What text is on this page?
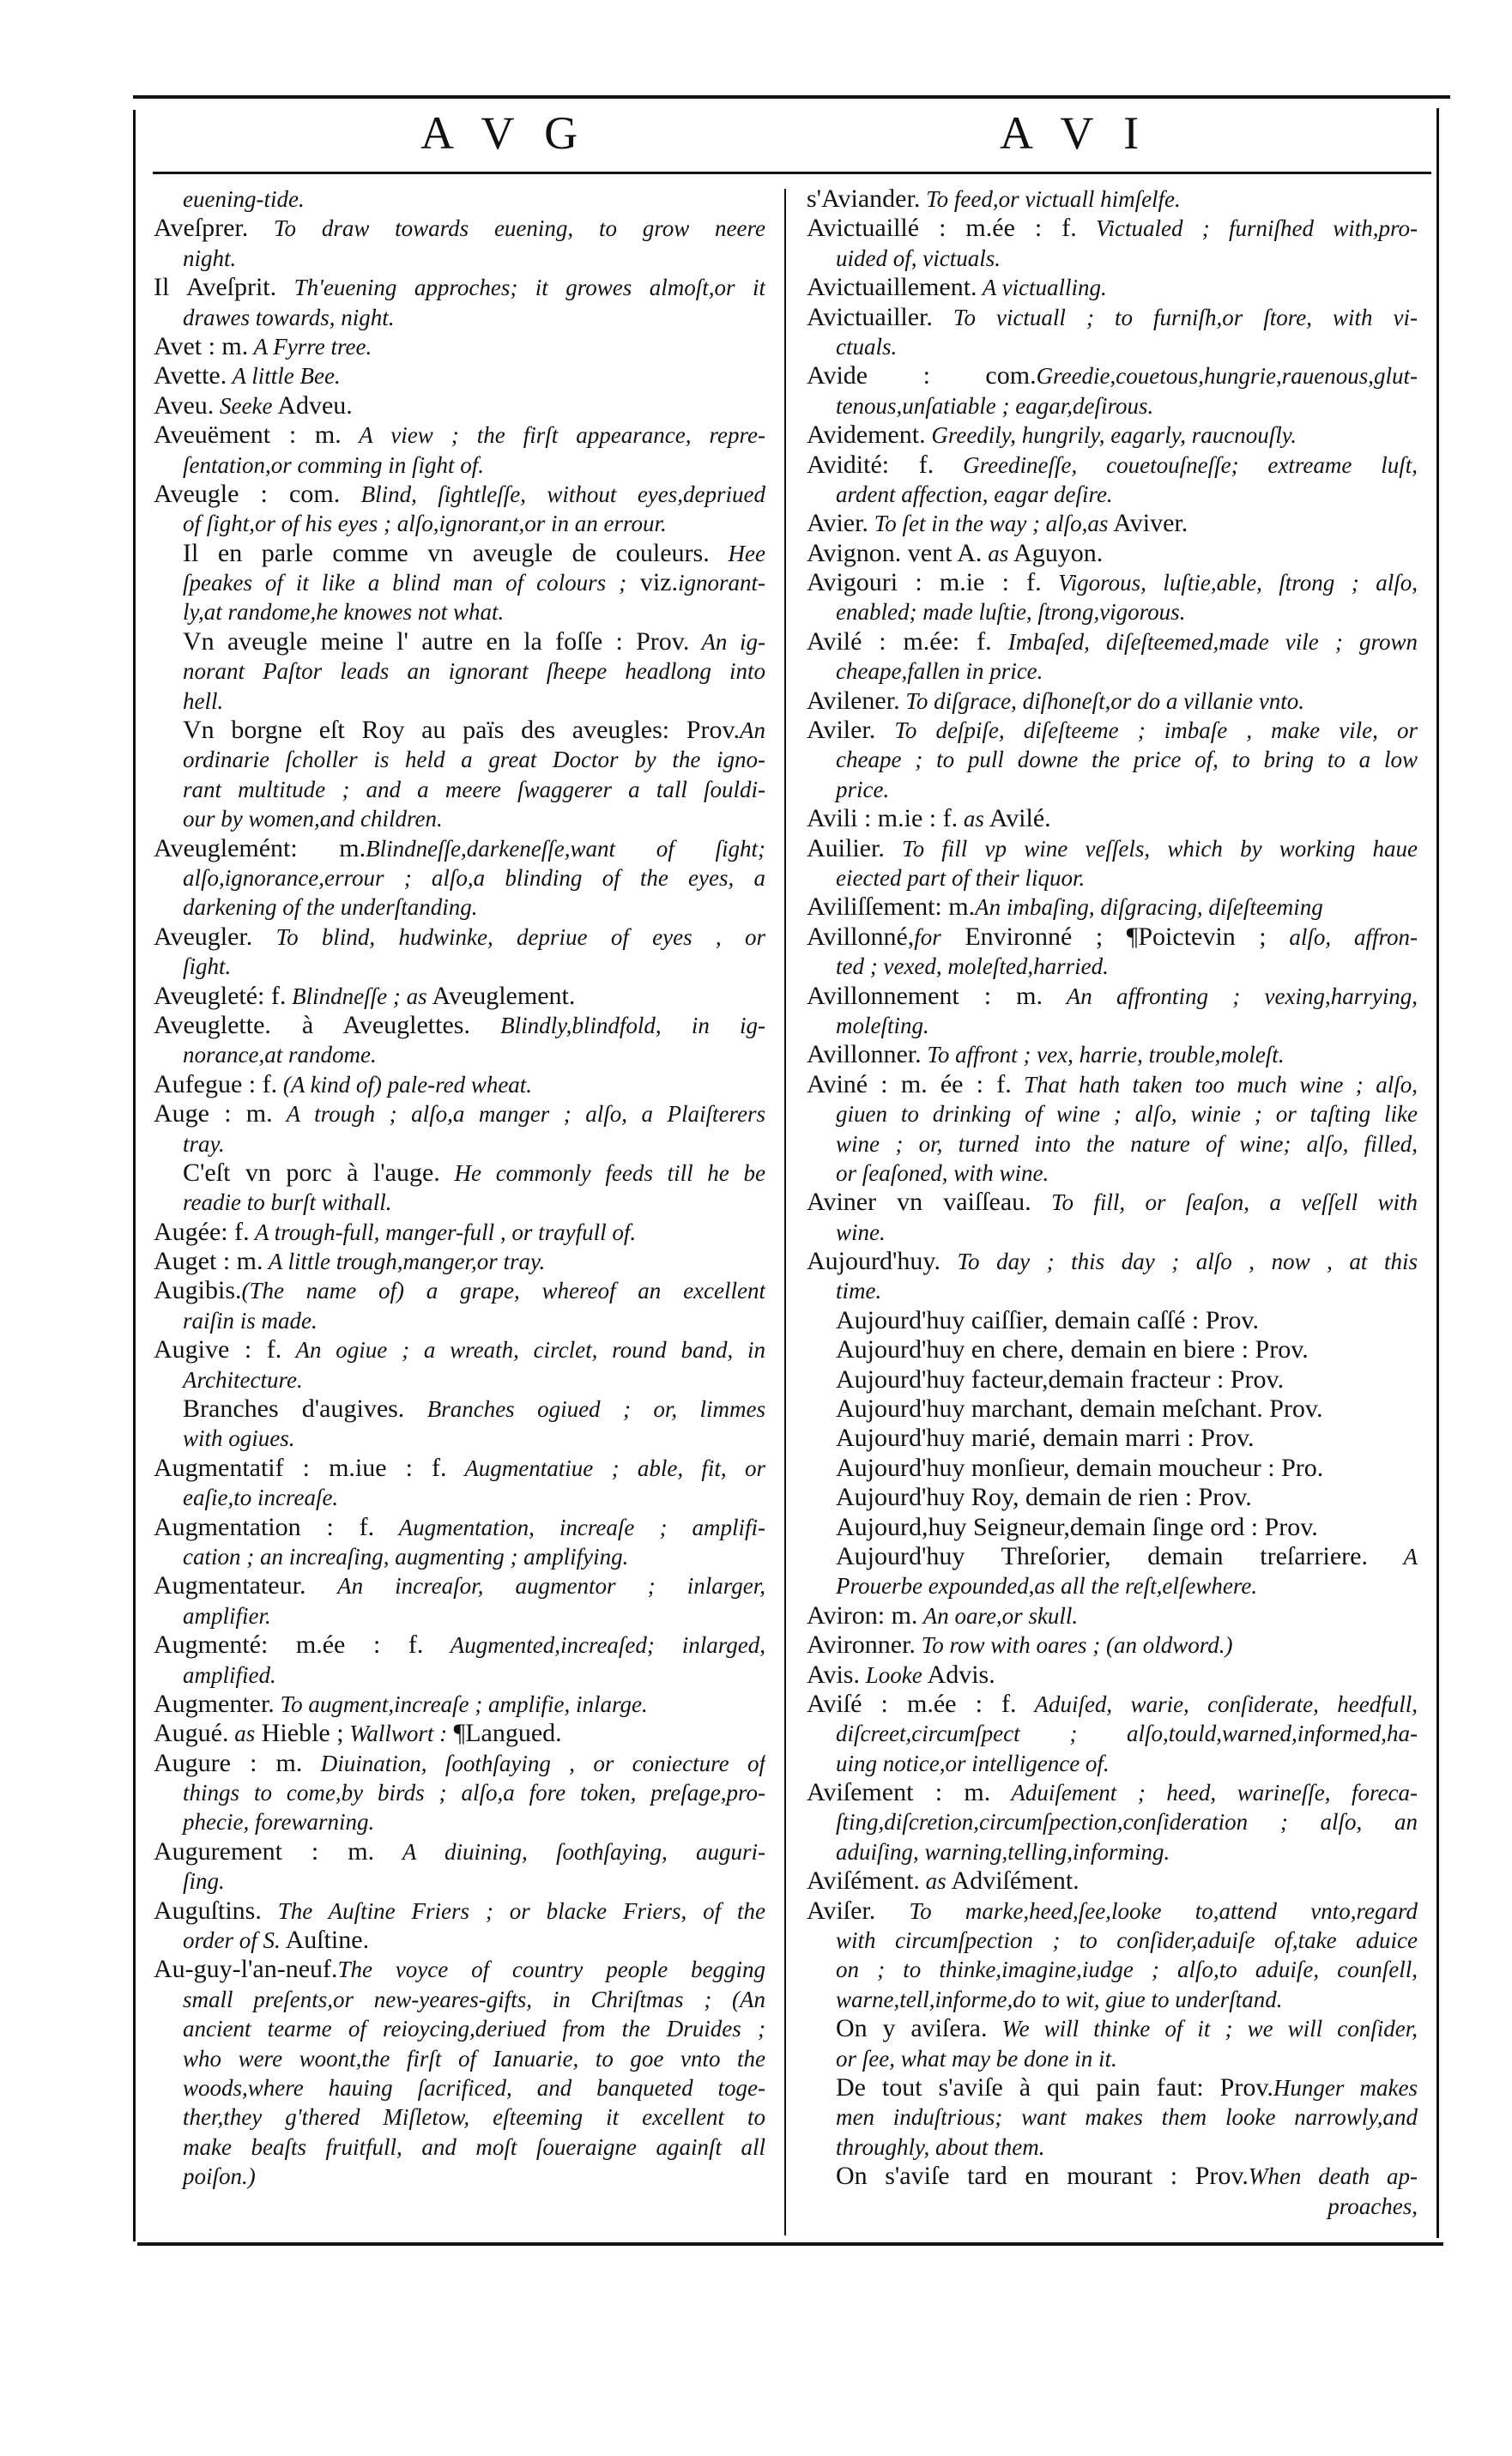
A V G	A V I
euening-tide.
Aveſprer. To draw towards euening, to grow neere
night.
Il Aveſprit. Th'euening approches; it growes almoſt,or it
drawes towards, night.
Avet : m. A Fyrre tree.
Avette. A little Bee.
Aveu. Seeke Adveu.
Aveuëment : m. A view ; the firſt appearance, repre-
ſentation,or comming in ſight of.
Aveugle : com. Blind, ſightleſſe, without eyes,depriued
of ſight,or of his eyes ; alſo,ignorant,or in an errour.
Il en parle comme vn aveugle de couleurs. Hee
ſpeakes of it like a blind man of colours ; viz.ignorant-
ly,at randome,he knowes not what.
Vn aveugle meine l' autre en la foſſe : Prov. An ig-
norant Paſtor leads an ignorant ſheepe headlong into
hell.
Vn borgne eſt Roy au païs des aveugles: Prov.An
ordinarie ſcholler is held a great Doctor by the igno-
rant multitude ; and a meere ſwaggerer a tall ſouldi-
our by women,and children.
Aveuglemént: m.Blindneſſe,darkeneſſe,want of ſight;
alſo,ignorance,errour ; alſo,a blinding of the eyes, a
darkening of the underſtanding.
Aveugler. To blind, hudwinke, depriue of eyes , or
ſight.
Aveugleté: f. Blindneſſe ; as Aveuglement.
Aveuglette. à Aveuglettes. Blindly,blindfold, in ig-
norance,at randome.
Aufegue : f. (A kind of) pale-red wheat.
Auge : m. A trough ; alſo,a manger ; alſo, a Plaiſterers
tray.
C'eſt vn porc à l'auge. He commonly feeds till he be
readie to burſt withall.
Augée: f. A trough-full, manger-full , or trayfull of.
Auget : m. A little trough,manger,or tray.
Augibis.(The name of) a grape, whereof an excellent
raiſin is made.
Augive : f. An ogiue ; a wreath, circlet, round band, in
Architecture.
Branches d'augives. Branches ogiued ; or, limmes
with ogiues.
Augmentatif : m.iue : f. Augmentatiue ; able, fit, or
eaſie,to increaſe.
Augmentation : f. Augmentation, increaſe ; amplifi-
cation ; an increaſing, augmenting ; amplifying.
Augmentateur. An increaſor, augmentor ; inlarger,
amplifier.
Augmenté: m.ée : f. Augmented,increaſed; inlarged,
amplified.
Augmenter. To augment,increaſe ; amplifie, inlarge.
Augué. as Hieble ; Wallwort : ¶Langued.
Augure : m. Diuination, ſoothſaying , or coniecture of
things to come,by birds ; alſo,a fore token, preſage,pro-
phecie, forewarning.
Augurement : m. A diuining, ſoothſaying, auguri-
ſing.
Auguſtins. The Auſtine Friers ; or blacke Friers, of the
order of S. Auſtine.
Au-guy-l'an-neuf.The voyce of country people begging
small preſents,or new-yeares-gifts, in Chriſtmas ; (An
ancient tearme of reioycing,deriued from the Druides ;
who were woont,the firſt of Ianuarie, to goe vnto the
woods,where hauing ſacrificed, and banqueted toge-
ther,they g'thered Miſletow, eſteeming it excellent to
make beaſts fruitfull, and moſt ſoueraigne againſt all
poiſon.)
s'Aviander. To feed,or victuall himſelfe.
Avictuaillé : m.ée : f. Victualed ; furniſhed with,pro-
uided of, victuals.
Avictuaillement. A victualling.
Avictuailler. To victuall ; to furniſh,or ſtore, with vi-
ctuals.
Avide : com.Greedie,couetous,hungrie,rauenous,glut-
tenous,unſatiable ; eagar,deſirous.
Avidement. Greedily, hungrily, eagarly, raucnouſly.
Avidité: f. Greedineſſe, couetouſneſſe; extreame luſt,
ardent affection, eagar deſire.
Avier. To ſet in the way ; alſo,as Aviver.
Avignon. vent A. as Aguyon.
Avigouri : m.ie : f. Vigorous, luſtie,able, ſtrong ; alſo,
enabled; made luſtie, ſtrong,vigorous.
Avilé : m.ée: f. Imbaſed, diſeſteemed,made vile ; grown
cheape,fallen in price.
Avilener. To diſgrace, diſhoneſt,or do a villanie vnto.
Aviler. To deſpiſe, diſeſteeme ; imbaſe , make vile, or
cheape ; to pull downe the price of, to bring to a low
price.
Avili : m.ie : f. as Avilé.
Auilier. To fill vp wine veſſels, which by working haue
eiected part of their liquor.
Aviliſſement: m.An imbaſing, diſgracing, diſeſteeming
Avillonné,for Environné ; ¶Poictevin ; alſo, affron-
ted ; vexed, moleſted,harried.
Avillonnement : m. An affronting ; vexing,harrying,
moleſting.
Avillonner. To affront ; vex, harrie, trouble,moleſt.
Aviné : m. ée : f. That hath taken too much wine ; alſo,
giuen to drinking of wine ; alſo, winie ; or taſting like
wine ; or, turned into the nature of wine; alſo, filled,
or ſeaſoned, with wine.
Aviner vn vaiſſeau. To fill, or ſeaſon, a veſſell with
wine.
Aujourd'huy. To day ; this day ; alſo , now , at this
time.
Aujourd'huy caiſſier, demain caſſé : Prov.
Aujourd'huy en chere, demain en biere : Prov.
Aujourd'huy facteur,demain fracteur : Prov.
Aujourd'huy marchant, demain meſchant. Prov.
Aujourd'huy marié, demain marri : Prov.
Aujourd'huy monſieur, demain moucheur : Pro.
Aujourd'huy Roy, demain de rien : Prov.
Aujourd,huy Seigneur,demain ſinge ord : Prov.
Aujourd'huy Threſorier, demain treſarriere. A
Prouerbe expounded,as all the reſt,elſewhere.
Aviron: m. An oare,or skull.
Avironner. To row with oares ; (an oldword.)
Avis. Looke Advis.
Aviſé : m.ée : f. Aduiſed, warie, conſiderate, heedfull,
diſcreet,circumſpect ; alſo,tould,warned,informed,ha-
uing notice,or intelligence of.
Aviſement : m. Aduiſement ; heed, warineſſe, foreca-
ſting,diſcretion,circumſpection,conſideration ; alſo, an
aduiſing, warning,telling,informing.
Aviſément. as Adviſément.
Aviſer. To marke,heed,ſee,looke to,attend vnto,regard
with circumſpection ; to conſider,aduiſe of,take aduice
on ; to thinke,imagine,iudge ; alſo,to aduiſe, counſell,
warne,tell,informe,do to wit, giue to underſtand.
On y aviſera. We will thinke of it ; we will conſider,
or ſee, what may be done in it.
De tout s'aviſe à qui pain faut: Prov.Hunger makes
men induſtrious; want makes them looke narrowly,and
throughly, about them.
On s'aviſe tard en mourant : Prov.When death ap-
proaches,
